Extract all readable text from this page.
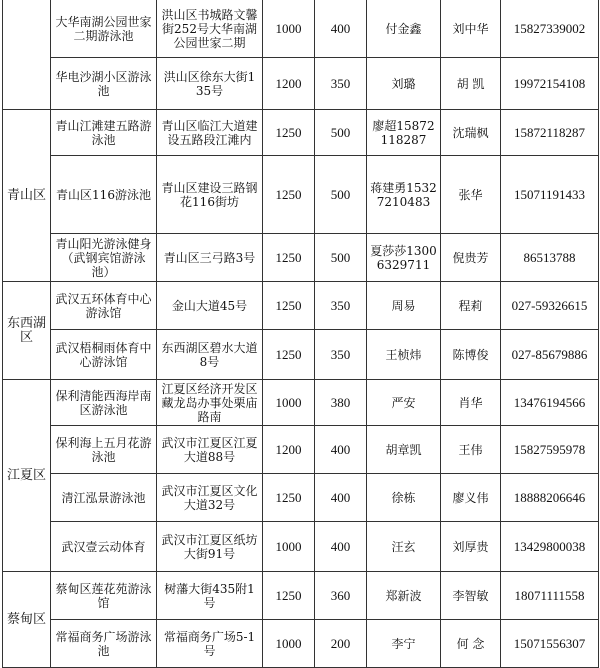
	大华南湖公园世家二期游泳池	洪山区书城路文馨街252号大华南湖公园世家二期	1000	400	付金鑫	刘中华	15827339002
	华电沙湖小区游泳池	洪山区徐东大街135号	1200	350	刘璐	胡 凯	19972154108
青山区	青山江滩建五路游泳池	青山区临江大道建设五路段江滩内	1250	500	廖超15872118287	沈瑞枫	15872118287
	青山区116游泳池	青山区建设三路钢花116街坊	1250	500	蒋建勇15327210483	张华	15071191433
	青山阳光游泳健身（武钢宾馆游泳池）	青山区三弓路3号	1250	500	夏莎莎13006329711	倪贵芳	86513788
东西湖区	武汉五环体育中心游泳馆	金山大道45号	1250	350	周易	程莉	027-59326615
	武汉梧桐雨体育中心游泳馆	东西湖区碧水大道8号	1250	350	王桢炜	陈博俊	027-85679886
江夏区	保利清能西海岸南区游泳池	江夏区经济开发区藏龙岛办事处栗庙路南	1000	380	严安	肖华	13476194566
	保利海上五月花游泳池	武汉市江夏区江夏大道88号	1200	400	胡章凯	王伟	15827595978
	清江泓景游泳池	武汉市江夏区文化大道32号	1250	400	徐栋	廖义伟	18888206646
	武汉壹云动体育	武汉市江夏区纸坊大街91号	1000	400	汪玄	刘厚贵	13429800038
蔡甸区	蔡甸区莲花苑游泳馆	树藩大街435附1号	1250	360	郑新波	李智敏	18071111558
	常福商务广场游泳池	常福商务广场5-1号	1000	200	李宁	何 念	15071556307
